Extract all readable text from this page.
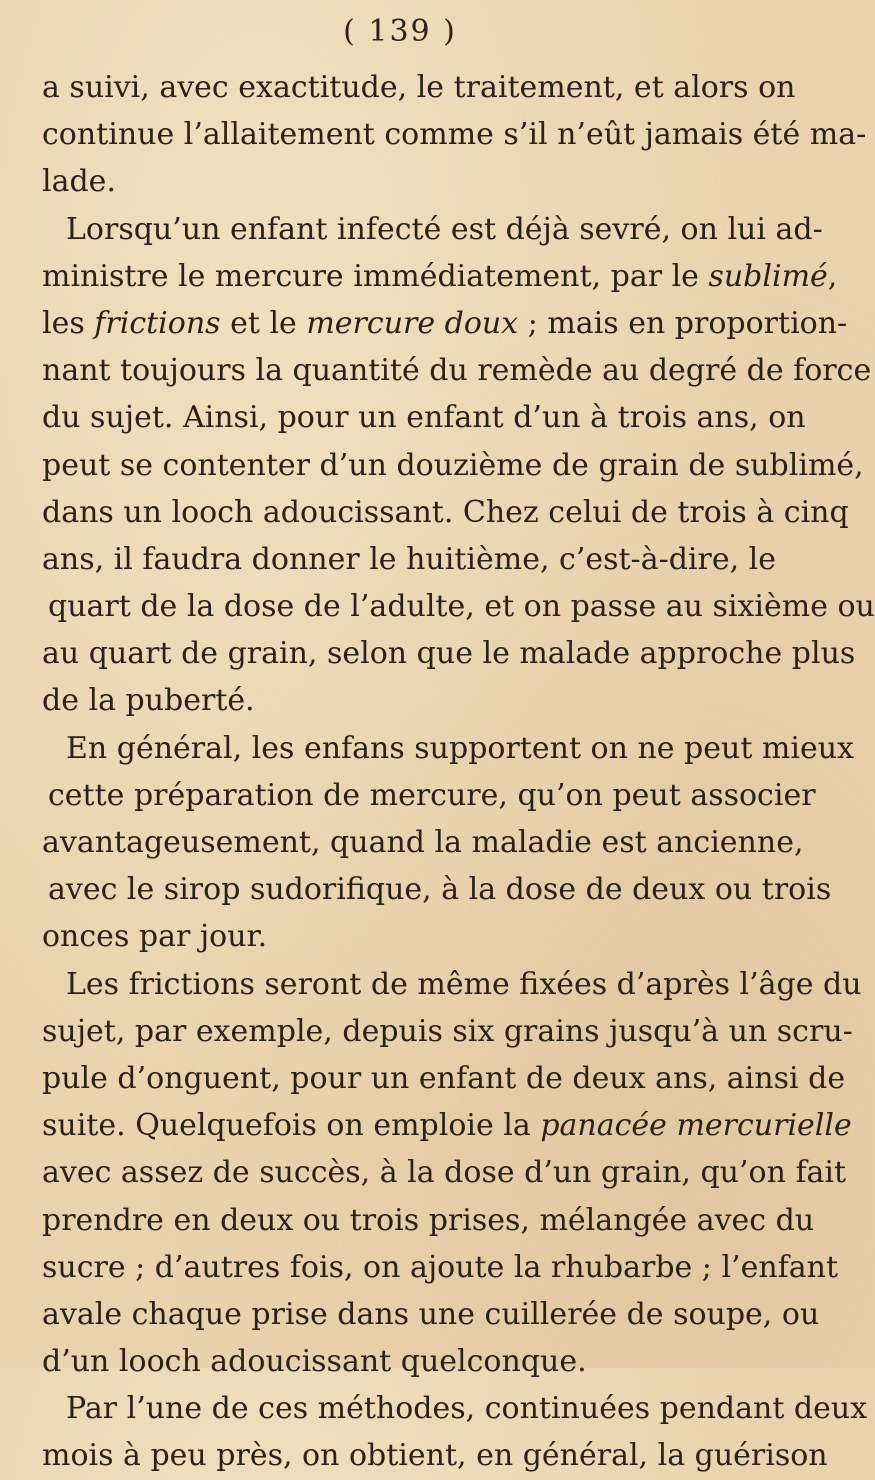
( 139 )
a suivi, avec exactitude, le traitement, et alors on
continue l’allaitement comme s’il n’eût jamais été ma-
lade.
Lorsqu’un enfant infecté est déjà sevré, on lui ad-
ministre le mercure immédiatement, par le sublimé,
les frictions et le mercure doux ; mais en proportion-
nant toujours la quantité du remède au degré de force
du sujet. Ainsi, pour un enfant d’un à trois ans, on
peut se contenter d’un douzième de grain de sublimé,
dans un looch adoucissant. Chez celui de trois à cinq
ans, il faudra donner le huitième, c’est-à-dire, le
quart de la dose de l’adulte, et on passe au sixième ou
au quart de grain, selon que le malade approche plus
de la puberté.
En général, les enfans supportent on ne peut mieux
cette préparation de mercure, qu’on peut associer
avantageusement, quand la maladie est ancienne,
avec le sirop sudorifique, à la dose de deux ou trois
onces par jour.
Les frictions seront de même fixées d’après l’âge du
sujet, par exemple, depuis six grains jusqu’à un scru-
pule d’onguent, pour un enfant de deux ans, ainsi de
suite. Quelquefois on emploie la panacée mercurielle
avec assez de succès, à la dose d’un grain, qu’on fait
prendre en deux ou trois prises, mélangée avec du
sucre ; d’autres fois, on ajoute la rhubarbe ; l’enfant
avale chaque prise dans une cuillerée de soupe, ou
d’un looch adoucissant quelconque.
Par l’une de ces méthodes, continuées pendant deux
mois à peu près, on obtient, en général, la guérison
